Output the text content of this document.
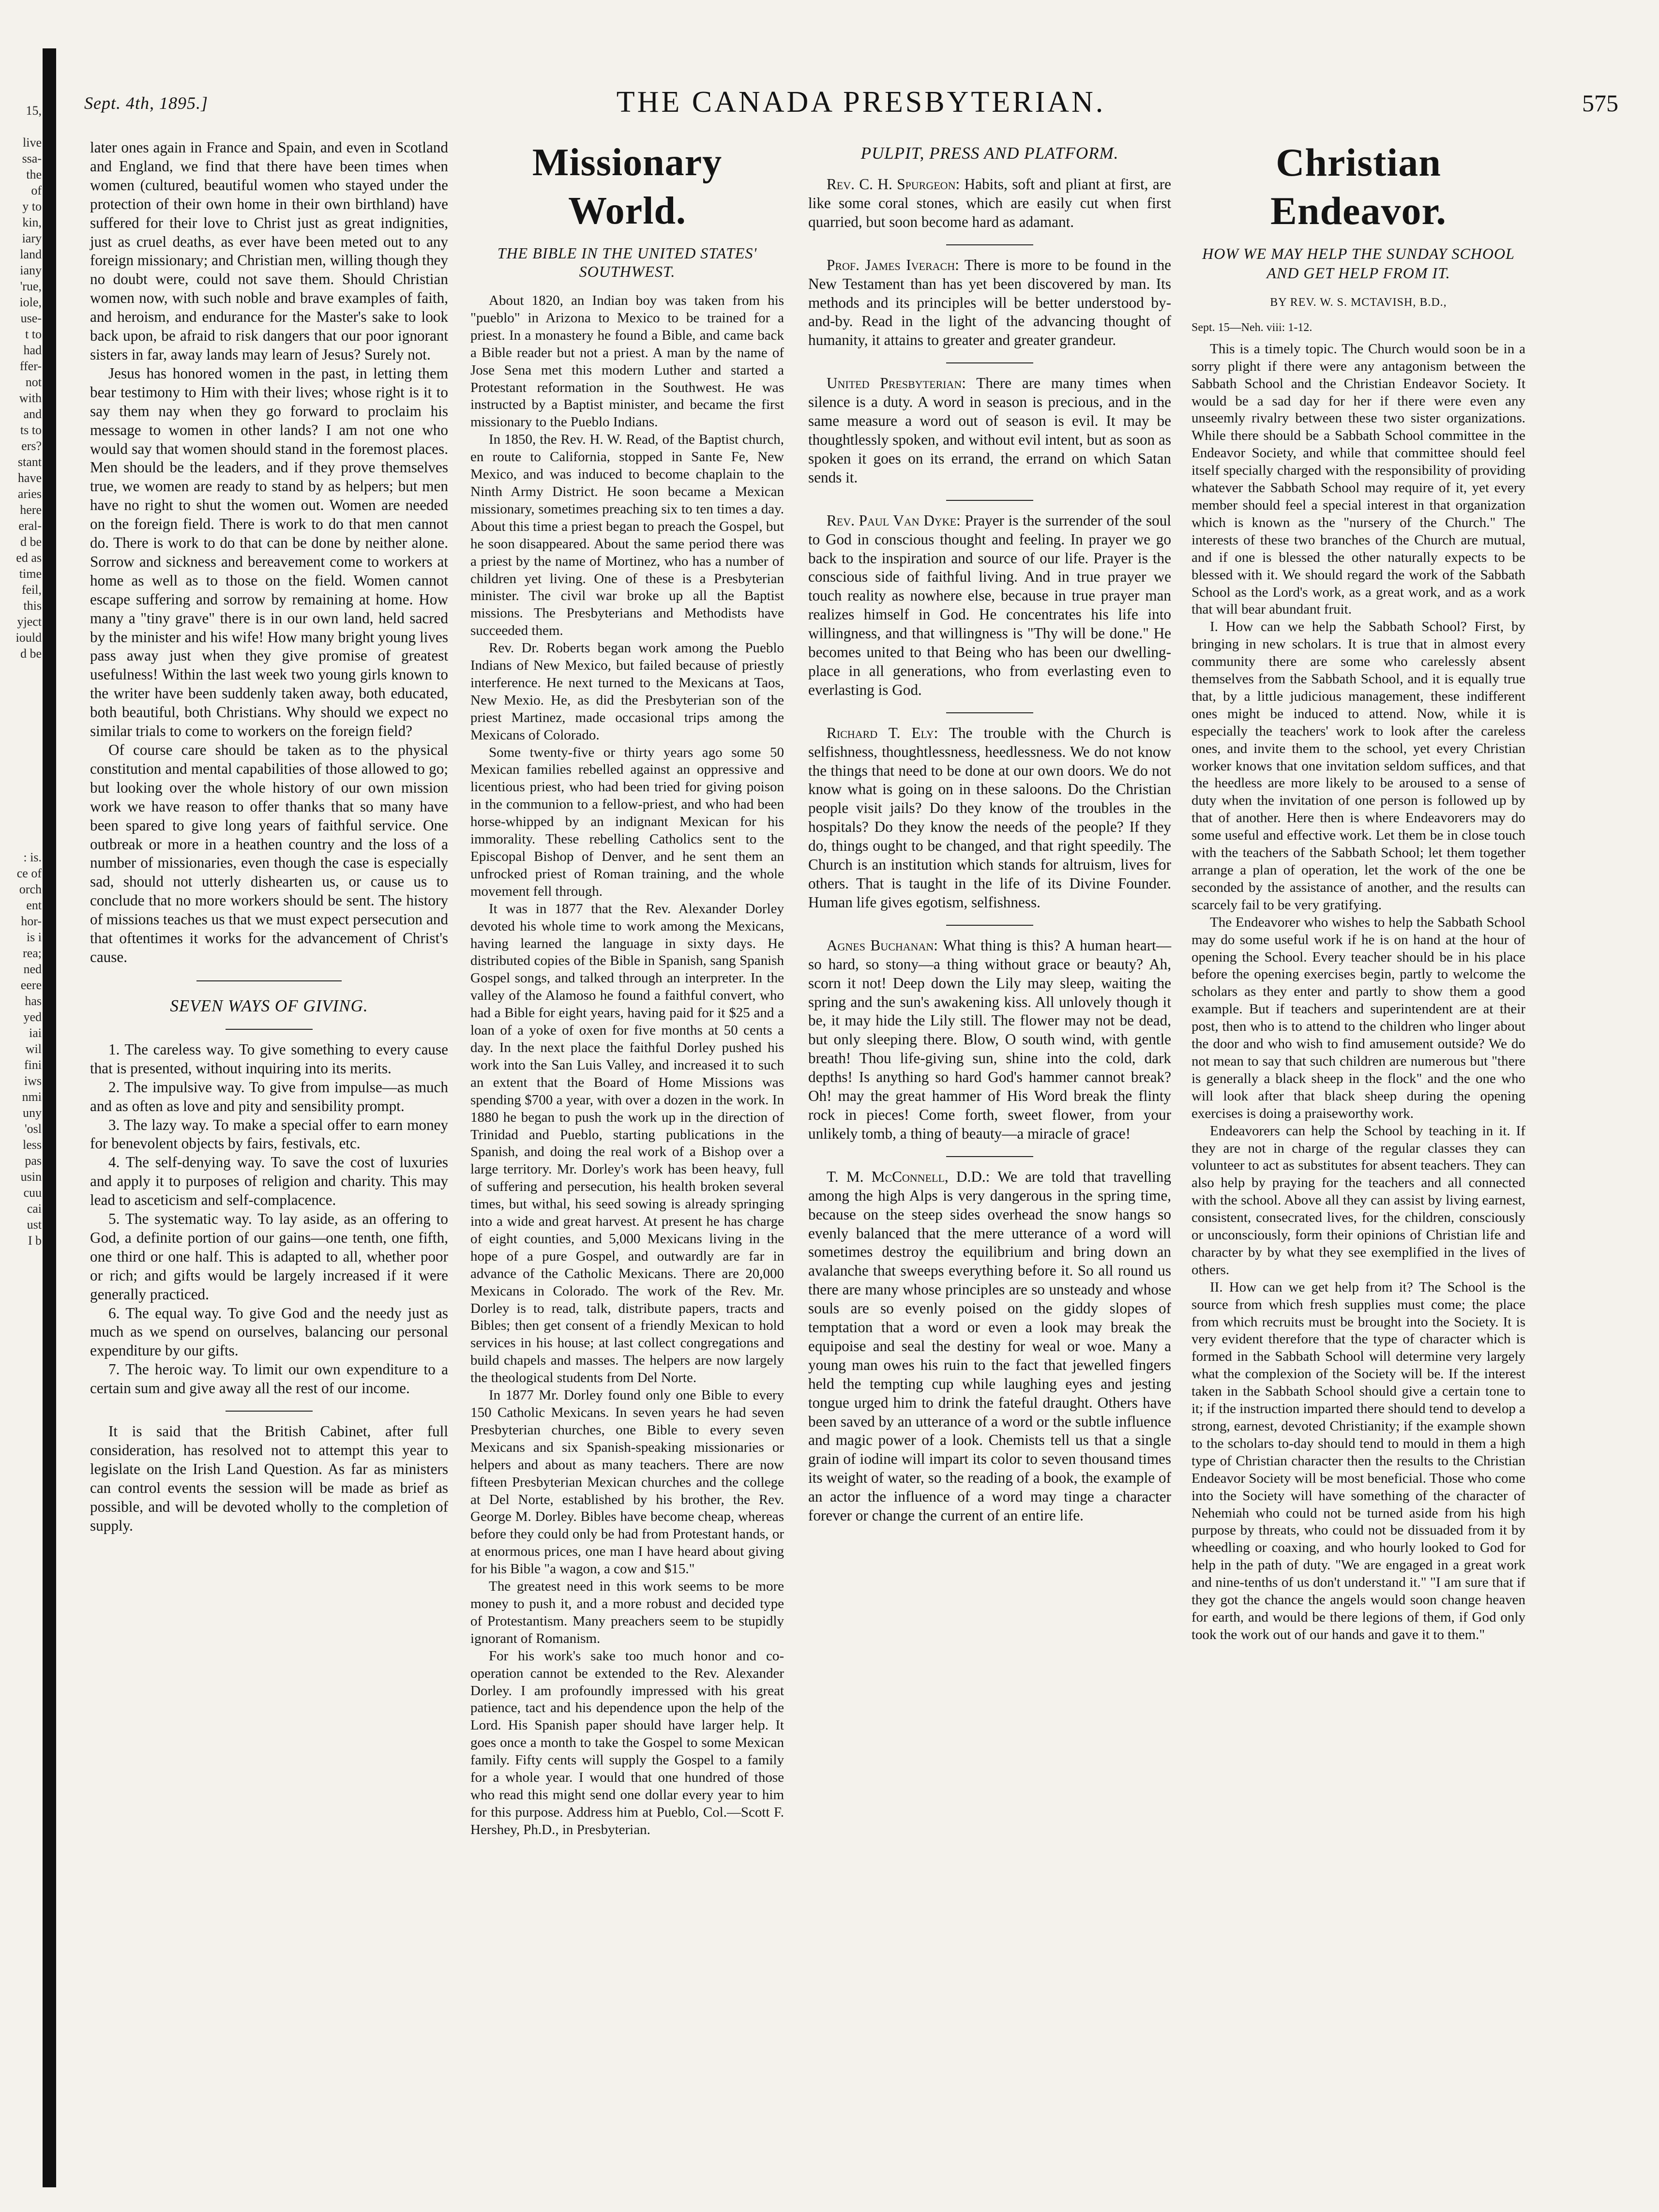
15,
live
ssa-
the
of
y to
kin,
iary
land
iany
'rue,
iole,
use-
t to
had
ffer-
not
with
and
ts to
ers?
stant
have
aries
here
eral-
d be
ed as
time
feil,
this
yject
iould
d be
: is.
ce of
orch
ent
hor-
is i
rea;
ned
eere
has
yed
iai
wil
fini
iws
nmi
uny
'osl
less
pas
usin
cuu
cai
ust
I b
Sept. 4th, 1895.]	THE CANADA PRESBYTERIAN.	575

later ones again in France and Spain, and even in Scotland and England, we find that there have been times when women (cultured, beautiful women who stayed under the protection of their own home in their own birthland) have suffered for their love to Christ just as great indignities, just as cruel deaths, as ever have been meted out to any foreign missionary; and Christian men, willing though they no doubt were, could not save them. Should Christian women now, with such noble and brave examples of faith, and heroism, and endurance for the Master's sake to look back upon, be afraid to risk dangers that our poor ignorant sisters in far, away lands may learn of Jesus? Surely not.

Jesus has honored women in the past, in letting them bear testimony to Him with their lives; whose right is it to say them nay when they go forward to proclaim his message to women in other lands? I am not one who would say that women should stand in the foremost places. Men should be the leaders, and if they prove themselves true, we women are ready to stand by as helpers; but men have no right to shut the women out. Women are needed on the foreign field. There is work to do that men cannot do. There is work to do that can be done by neither alone. Sorrow and sickness and bereavement come to workers at home as well as to those on the field. Women cannot escape suffering and sorrow by remaining at home. How many a "tiny grave" there is in our own land, held sacred by the minister and his wife! How many bright young lives pass away just when they give promise of greatest usefulness! Within the last week two young girls known to the writer have been suddenly taken away, both educated, both beautiful, both Christians. Why should we expect no similar trials to come to workers on the foreign field?

Of course care should be taken as to the physical constitution and mental capabilities of those allowed to go; but looking over the whole history of our own mission work we have reason to offer thanks that so many have been spared to give long years of faithful service. One outbreak or more in a heathen country and the loss of a number of missionaries, even though the case is especially sad, should not utterly dishearten us, or cause us to conclude that no more workers should be sent. The history of missions teaches us that we must expect persecution and that oftentimes it works for the advancement of Christ's cause.

SEVEN WAYS OF GIVING.

1. The careless way. To give something to every cause that is presented, without inquiring into its merits.

2. The impulsive way. To give from impulse—as much and as often as love and pity and sensibility prompt.

3. The lazy way. To make a special offer to earn money for benevolent objects by fairs, festivals, etc.

4. The self-denying way. To save the cost of luxuries and apply it to purposes of religion and charity. This may lead to asceticism and self-complacence.

5. The systematic way. To lay aside, as an offering to God, a definite portion of our gains—one tenth, one fifth, one third or one half. This is adapted to all, whether poor or rich; and gifts would be largely increased if it were generally practiced.

6. The equal way. To give God and the needy just as much as we spend on ourselves, balancing our personal expenditure by our gifts.

7. The heroic way. To limit our own expenditure to a certain sum and give away all the rest of our income.

It is said that the British Cabinet, after full consideration, has resolved not to attempt this year to legislate on the Irish Land Question. As far as ministers can control events the session will be made as brief as possible, and will be devoted wholly to the completion of supply.

Missionary World.
THE BIBLE IN THE UNITED STATES' SOUTHWEST.

About 1820, an Indian boy was taken from his "pueblo" in Arizona to Mexico to be trained for a priest. In a monastery he found a Bible, and came back a Bible reader but not a priest. A man by the name of Jose Sena met this modern Luther and started a Protestant reformation in the Southwest. He was instructed by a Baptist minister, and became the first missionary to the Pueblo Indians.

In 1850, the Rev. H. W. Read, of the Baptist church, en route to California, stopped in Sante Fe, New Mexico, and was induced to become chaplain to the Ninth Army District. He soon became a Mexican missionary, sometimes preaching six to ten times a day. About this time a priest began to preach the Gospel, but he soon disappeared. About the same period there was a priest by the name of Mortinez, who has a number of children yet living. One of these is a Presbyterian minister. The civil war broke up all the Baptist missions. The Presbyterians and Methodists have succeeded them.

Rev. Dr. Roberts began work among the Pueblo Indians of New Mexico, but failed because of priestly interference. He next turned to the Mexicans at Taos, New Mexio. He, as did the Presbyterian son of the priest Martinez, made occasional trips among the Mexicans of Colorado.

Some twenty-five or thirty years ago some 50 Mexican families rebelled against an oppressive and licentious priest, who had been tried for giving poison in the communion to a fellow-priest, and who had been horse-whipped by an indignant Mexican for his immorality. These rebelling Catholics sent to the Episcopal Bishop of Denver, and he sent them an unfrocked priest of Roman training, and the whole movement fell through.

It was in 1877 that the Rev. Alexander Dorley devoted his whole time to work among the Mexicans, having learned the language in sixty days. He distributed copies of the Bible in Spanish, sang Spanish Gospel songs, and talked through an interpreter. In the valley of the Alamoso he found a faithful convert, who had a Bible for eight years, having paid for it $25 and a loan of a yoke of oxen for five months at 50 cents a day. In the next place the faithful Dorley pushed his work into the San Luis Valley, and increased it to such an extent that the Board of Home Missions was spending $700 a year, with over a dozen in the work. In 1880 he began to push the work up in the direction of Trinidad and Pueblo, starting publications in the Spanish, and doing the real work of a Bishop over a large territory. Mr. Dorley's work has been heavy, full of suffering and persecution, his health broken several times, but withal, his seed sowing is already springing into a wide and great harvest. At present he has charge of eight counties, and 5,000 Mexicans living in the hope of a pure Gospel, and outwardly are far in advance of the Catholic Mexicans. There are 20,000 Mexicans in Colorado. The work of the Rev. Mr. Dorley is to read, talk, distribute papers, tracts and Bibles; then get consent of a friendly Mexican to hold services in his house; at last collect congregations and build chapels and masses. The helpers are now largely the theological students from Del Norte.

In 1877 Mr. Dorley found only one Bible to every 150 Catholic Mexicans. In seven years he had seven Presbyterian churches, one Bible to every seven Mexicans and six Spanish-speaking missionaries or helpers and about as many teachers. There are now fifteen Presbyterian Mexican churches and the college at Del Norte, established by his brother, the Rev. George M. Dorley. Bibles have become cheap, whereas before they could only be had from Protestant hands, or at enormous prices, one man I have heard about giving for his Bible "a wagon, a cow and $15."

The greatest need in this work seems to be more money to push it, and a more robust and decided type of Protestantism. Many preachers seem to be stupidly ignorant of Romanism.

For his work's sake too much honor and co-operation cannot be extended to the Rev. Alexander Dorley. I am profoundly impressed with his great patience, tact and his dependence upon the help of the Lord. His Spanish paper should have larger help. It goes once a month to take the Gospel to some Mexican family. Fifty cents will supply the Gospel to a family for a whole year. I would that one hundred of those who read this might send one dollar every year to him for this purpose. Address him at Pueblo, Col.—Scott F. Hershey, Ph.D., in Presbyterian.

PULPIT, PRESS AND PLATFORM.

Rev. C. H. Spurgeon: Habits, soft and pliant at first, are like some coral stones, which are easily cut when first quarried, but soon become hard as adamant.

Prof. James Iverach: There is more to be found in the New Testament than has yet been discovered by man. Its methods and its principles will be better understood by-and-by. Read in the light of the advancing thought of humanity, it attains to greater and greater grandeur.

United Presbyterian: There are many times when silence is a duty. A word in season is precious, and in the same measure a word out of season is evil. It may be thoughtlessly spoken, and without evil intent, but as soon as spoken it goes on its errand, the errand on which Satan sends it.

Rev. Paul Van Dyke: Prayer is the surrender of the soul to God in conscious thought and feeling. In prayer we go back to the inspiration and source of our life. Prayer is the conscious side of faithful living. And in true prayer we touch reality as nowhere else, because in true prayer man realizes himself in God. He concentrates his life into willingness, and that willingness is "Thy will be done." He becomes united to that Being who has been our dwelling-place in all generations, who from everlasting even to everlasting is God.

Richard T. Ely: The trouble with the Church is selfishness, thoughtlessness, heedlessness. We do not know the things that need to be done at our own doors. We do not know what is going on in these saloons. Do the Christian people visit jails? Do they know of the troubles in the hospitals? Do they know the needs of the people? If they do, things ought to be changed, and that right speedily. The Church is an institution which stands for altruism, lives for others. That is taught in the life of its Divine Founder. Human life gives egotism, selfishness.

Agnes Buchanan: What thing is this? A human heart—so hard, so stony—a thing without grace or beauty? Ah, scorn it not! Deep down the Lily may sleep, waiting the spring and the sun's awakening kiss. All unlovely though it be, it may hide the Lily still. The flower may not be dead, but only sleeping there. Blow, O south wind, with gentle breath! Thou life-giving sun, shine into the cold, dark depths! Is anything so hard God's hammer cannot break? Oh! may the great hammer of His Word break the flinty rock in pieces! Come forth, sweet flower, from your unlikely tomb, a thing of beauty—a miracle of grace!

T. M. McConnell, D.D.: We are told that travelling among the high Alps is very dangerous in the spring time, because on the steep sides overhead the snow hangs so evenly balanced that the mere utterance of a word will sometimes destroy the equilibrium and bring down an avalanche that sweeps everything before it. So all round us there are many whose principles are so unsteady and whose souls are so evenly poised on the giddy slopes of temptation that a word or even a look may break the equipoise and seal the destiny for weal or woe. Many a young man owes his ruin to the fact that jewelled fingers held the tempting cup while laughing eyes and jesting tongue urged him to drink the fateful draught. Others have been saved by an utterance of a word or the subtle influence and magic power of a look. Chemists tell us that a single grain of iodine will impart its color to seven thousand times its weight of water, so the reading of a book, the example of an actor the influence of a word may tinge a character forever or change the current of an entire life.

Christian Endeavor.
HOW WE MAY HELP THE SUNDAY SCHOOL AND GET HELP FROM IT.
BY REV. W. S. MCTAVISH, B.D.,
Sept. 15—Neh. viii: 1-12.

This is a timely topic. The Church would soon be in a sorry plight if there were any antagonism between the Sabbath School and the Christian Endeavor Society. It would be a sad day for her if there were even any unseemly rivalry between these two sister organizations. While there should be a Sabbath School committee in the Endeavor Society, and while that committee should feel itself specially charged with the responsibility of providing whatever the Sabbath School may require of it, yet every member should feel a special interest in that organization which is known as the "nursery of the Church." The interests of these two branches of the Church are mutual, and if one is blessed the other naturally expects to be blessed with it. We should regard the work of the Sabbath School as the Lord's work, as a great work, and as a work that will bear abundant fruit.

I. How can we help the Sabbath School? First, by bringing in new scholars. It is true that in almost every community there are some who carelessly absent themselves from the Sabbath School, and it is equally true that, by a little judicious management, these indifferent ones might be induced to attend. Now, while it is especially the teachers' work to look after the careless ones, and invite them to the school, yet every Christian worker knows that one invitation seldom suffices, and that the heedless are more likely to be aroused to a sense of duty when the invitation of one person is followed up by that of another. Here then is where Endeavorers may do some useful and effective work. Let them be in close touch with the teachers of the Sabbath School; let them together arrange a plan of operation, let the work of the one be seconded by the assistance of another, and the results can scarcely fail to be very gratifying.

The Endeavorer who wishes to help the Sabbath School may do some useful work if he is on hand at the hour of opening the School. Every teacher should be in his place before the opening exercises begin, partly to welcome the scholars as they enter and partly to show them a good example. But if teachers and superintendent are at their post, then who is to attend to the children who linger about the door and who wish to find amusement outside? We do not mean to say that such children are numerous but "there is generally a black sheep in the flock" and the one who will look after that black sheep during the opening exercises is doing a praiseworthy work.

Endeavorers can help the School by teaching in it. If they are not in charge of the regular classes they can volunteer to act as substitutes for absent teachers. They can also help by praying for the teachers and all connected with the school. Above all they can assist by living earnest, consistent, consecrated lives, for the children, consciously or unconsciously, form their opinions of Christian life and character by by what they see exemplified in the lives of others.

II. How can we get help from it? The School is the source from which fresh supplies must come; the place from which recruits must be brought into the Society. It is very evident therefore that the type of character which is formed in the Sabbath School will determine very largely what the complexion of the Society will be. If the interest taken in the Sabbath School should give a certain tone to it; if the instruction imparted there should tend to develop a strong, earnest, devoted Christianity; if the example shown to the scholars to-day should tend to mould in them a high type of Christian character then the results to the Christian Endeavor Society will be most beneficial. Those who come into the Society will have something of the character of Nehemiah who could not be turned aside from his high purpose by threats, who could not be dissuaded from it by wheedling or coaxing, and who hourly looked to God for help in the path of duty. "We are engaged in a great work and nine-tenths of us don't understand it." "I am sure that if they got the chance the angels would soon change heaven for earth, and would be there legions of them, if God only took the work out of our hands and gave it to them."
